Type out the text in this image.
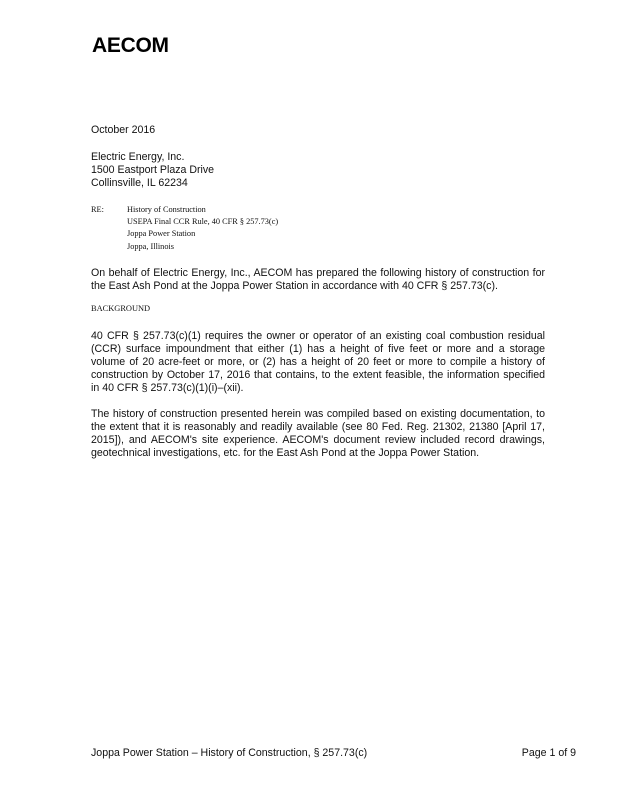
AECOM

October 2016

Electric Energy, Inc.
1500 Eastport Plaza Drive
Collinsville, IL 62234
RE:	History of Construction
USEPA Final CCR Rule, 40 CFR § 257.73(c)
Joppa Power Station
Joppa, Illinois

On behalf of Electric Energy, Inc., AECOM has prepared the following history of construction for the East Ash Pond at the Joppa Power Station in accordance with 40 CFR § 257.73(c).

BACKGROUND

40 CFR § 257.73(c)(1) requires the owner or operator of an existing coal combustion residual (CCR) surface impoundment that either (1) has a height of five feet or more and a storage volume of 20 acre-feet or more, or (2) has a height of 20 feet or more to compile a history of construction by October 17, 2016 that contains, to the extent feasible, the information specified in 40 CFR § 257.73(c)(1)(i)–(xii).

The history of construction presented herein was compiled based on existing documentation, to the extent that it is reasonably and readily available (see 80 Fed. Reg. 21302, 21380 [April 17, 2015]), and AECOM's site experience. AECOM's document review included record drawings, geotechnical investigations, etc. for the East Ash Pond at the Joppa Power Station.

Joppa Power Station – History of Construction, § 257.73(c)	Page 1 of 9
